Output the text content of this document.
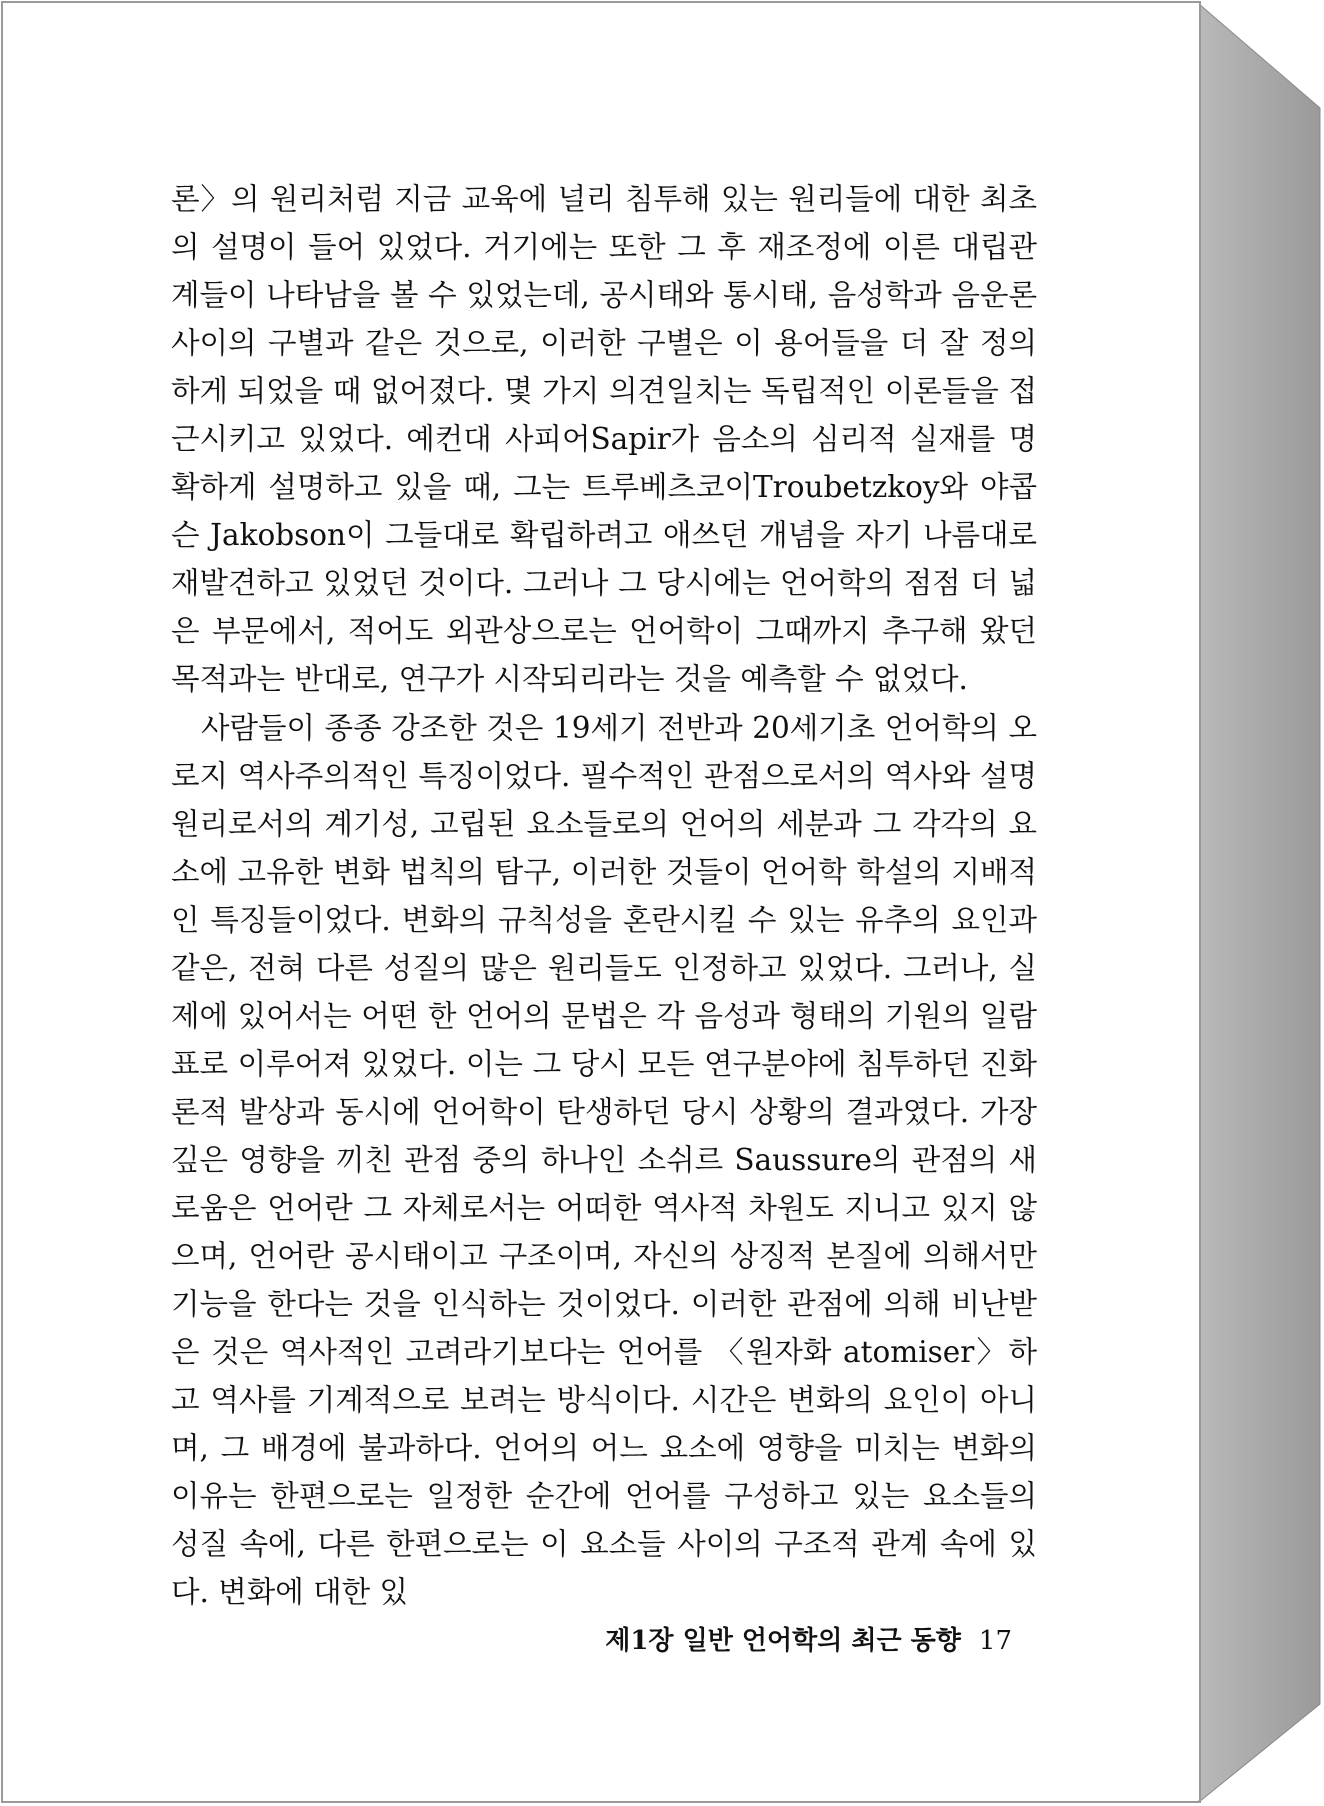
론〉의 원리처럼 지금 교육에 널리 침투해 있는 원리들에 대한 최초의 설명이 들어 있었다. 거기에는 또한 그 후 재조정에 이른 대립관계들이 나타남을 볼 수 있었는데, 공시태와 통시태, 음성학과 음운론 사이의 구별과 같은 것으로, 이러한 구별은 이 용어들을 더 잘 정의하게 되었을 때 없어졌다. 몇 가지 의견일치는 독립적인 이론들을 접근시키고 있었다. 예컨대 사피어Sapir가 음소의 심리적 실재를 명확하게 설명하고 있을 때, 그는 트루베츠코이Troubetzkoy와 야콥슨 Jakobson이 그들대로 확립하려고 애쓰던 개념을 자기 나름대로 재발견하고 있었던 것이다. 그러나 그 당시에는 언어학의 점점 더 넓은 부문에서, 적어도 외관상으로는 언어학이 그때까지 추구해 왔던 목적과는 반대로, 연구가 시작되리라는 것을 예측할 수 없었다.

사람들이 종종 강조한 것은 19세기 전반과 20세기초 언어학의 오로지 역사주의적인 특징이었다. 필수적인 관점으로서의 역사와 설명원리로서의 계기성, 고립된 요소들로의 언어의 세분과 그 각각의 요소에 고유한 변화 법칙의 탐구, 이러한 것들이 언어학 학설의 지배적인 특징들이었다. 변화의 규칙성을 혼란시킬 수 있는 유추의 요인과 같은, 전혀 다른 성질의 많은 원리들도 인정하고 있었다. 그러나, 실제에 있어서는 어떤 한 언어의 문법은 각 음성과 형태의 기원의 일람표로 이루어져 있었다. 이는 그 당시 모든 연구분야에 침투하던 진화론적 발상과 동시에 언어학이 탄생하던 당시 상황의 결과였다. 가장 깊은 영향을 끼친 관점 중의 하나인 소쉬르 Saussure의 관점의 새로움은 언어란 그 자체로서는 어떠한 역사적 차원도 지니고 있지 않으며, 언어란 공시태이고 구조이며, 자신의 상징적 본질에 의해서만 기능을 한다는 것을 인식하는 것이었다. 이러한 관점에 의해 비난받은 것은 역사적인 고려라기보다는 언어를 〈원자화 atomiser〉하고 역사를 기계적으로 보려는 방식이다. 시간은 변화의 요인이 아니며, 그 배경에 불과하다. 언어의 어느 요소에 영향을 미치는 변화의 이유는 한편으로는 일정한 순간에 언어를 구성하고 있는 요소들의 성질 속에, 다른 한편으로는 이 요소들 사이의 구조적 관계 속에 있다. 변화에 대한 있

제1장 일반 언어학의 최근 동향 17
